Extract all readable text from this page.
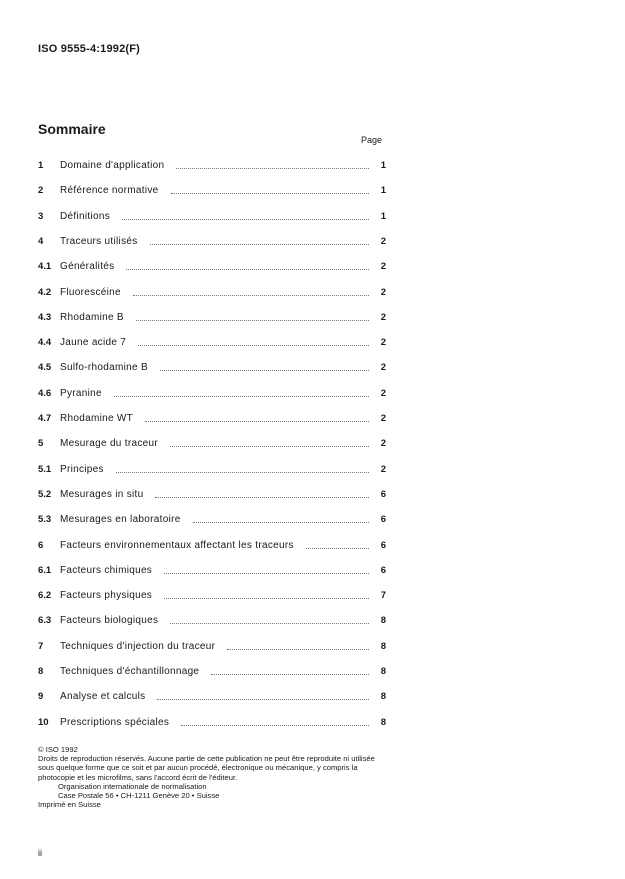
ISO 9555-4:1992(F)
Sommaire
Page
1	Domaine d'application	1
2	Référence normative	1
3	Définitions	1
4	Traceurs utilisés	2
4.1 Généralités	2
4.2 Fluorescéine	2
4.3 Rhodamine B	2
4.4 Jaune acide 7	2
4.5 Sulfo-rhodamine B	2
4.6 Pyranine	2
4.7 Rhodamine WT	2
5	Mesurage du traceur	2
5.1 Principes	2
5.2 Mesurages in situ	6
5.3 Mesurages en laboratoire	6
6	Facteurs environnementaux affectant les traceurs	6
6.1 Facteurs chimiques	6
6.2 Facteurs physiques	7
6.3 Facteurs biologiques	8
7	Techniques d'injection du traceur	8
8	Techniques d'échantillonnage	8
9	Analyse et calculs	8
10	Prescriptions spéciales	8

© ISO 1992

Droits de reproduction réservés. Aucune partie de cette publication ne peut être reproduite ni utilisée sous quelque forme que ce soit et par aucun procédé, électronique ou mécanique, y compris la photocopie et les microfilms, sans l'accord écrit de l'éditeur.

Organisation internationale de normalisation

Case Postale 56 • CH-1211 Genève 20 • Suisse

Imprimé en Suisse

ii
